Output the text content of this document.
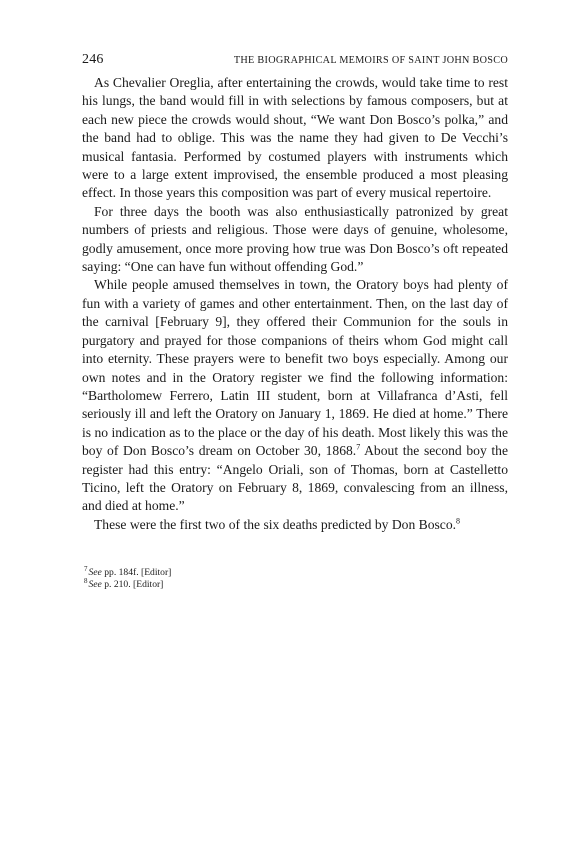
246	THE BIOGRAPHICAL MEMOIRS OF SAINT JOHN BOSCO

As Chevalier Oreglia, after entertaining the crowds, would take time to rest his lungs, the band would fill in with selections by famous composers, but at each new piece the crowds would shout, “We want Don Bosco’s polka,” and the band had to oblige. This was the name they had given to De Vecchi’s musical fantasia. Performed by costumed players with instruments which were to a large extent improvised, the ensemble produced a most pleasing effect. In those years this composition was part of every musical repertoire.

For three days the booth was also enthusiastically patronized by great numbers of priests and religious. Those were days of genuine, wholesome, godly amusement, once more proving how true was Don Bosco’s oft repeated saying: “One can have fun without offending God.”

While people amused themselves in town, the Oratory boys had plenty of fun with a variety of games and other entertainment. Then, on the last day of the carnival [February 9], they offered their Communion for the souls in purgatory and prayed for those companions of theirs whom God might call into eternity. These prayers were to benefit two boys especially. Among our own notes and in the Oratory register we find the following information: “Bartholomew Ferrero, Latin III student, born at Villafranca d’Asti, fell seriously ill and left the Oratory on January 1, 1869. He died at home.” There is no indication as to the place or the day of his death. Most likely this was the boy of Don Bosco’s dream on October 30, 1868.$^7$ About the second boy the register had this entry: “Angelo Oriali, son of Thomas, born at Castelletto Ticino, left the Oratory on February 8, 1869, convalescing from an illness, and died at home.”

These were the first two of the six deaths predicted by Don Bosco.$^8$

$^7$See pp. 184f. [Editor]

$^8$See p. 210. [Editor]
